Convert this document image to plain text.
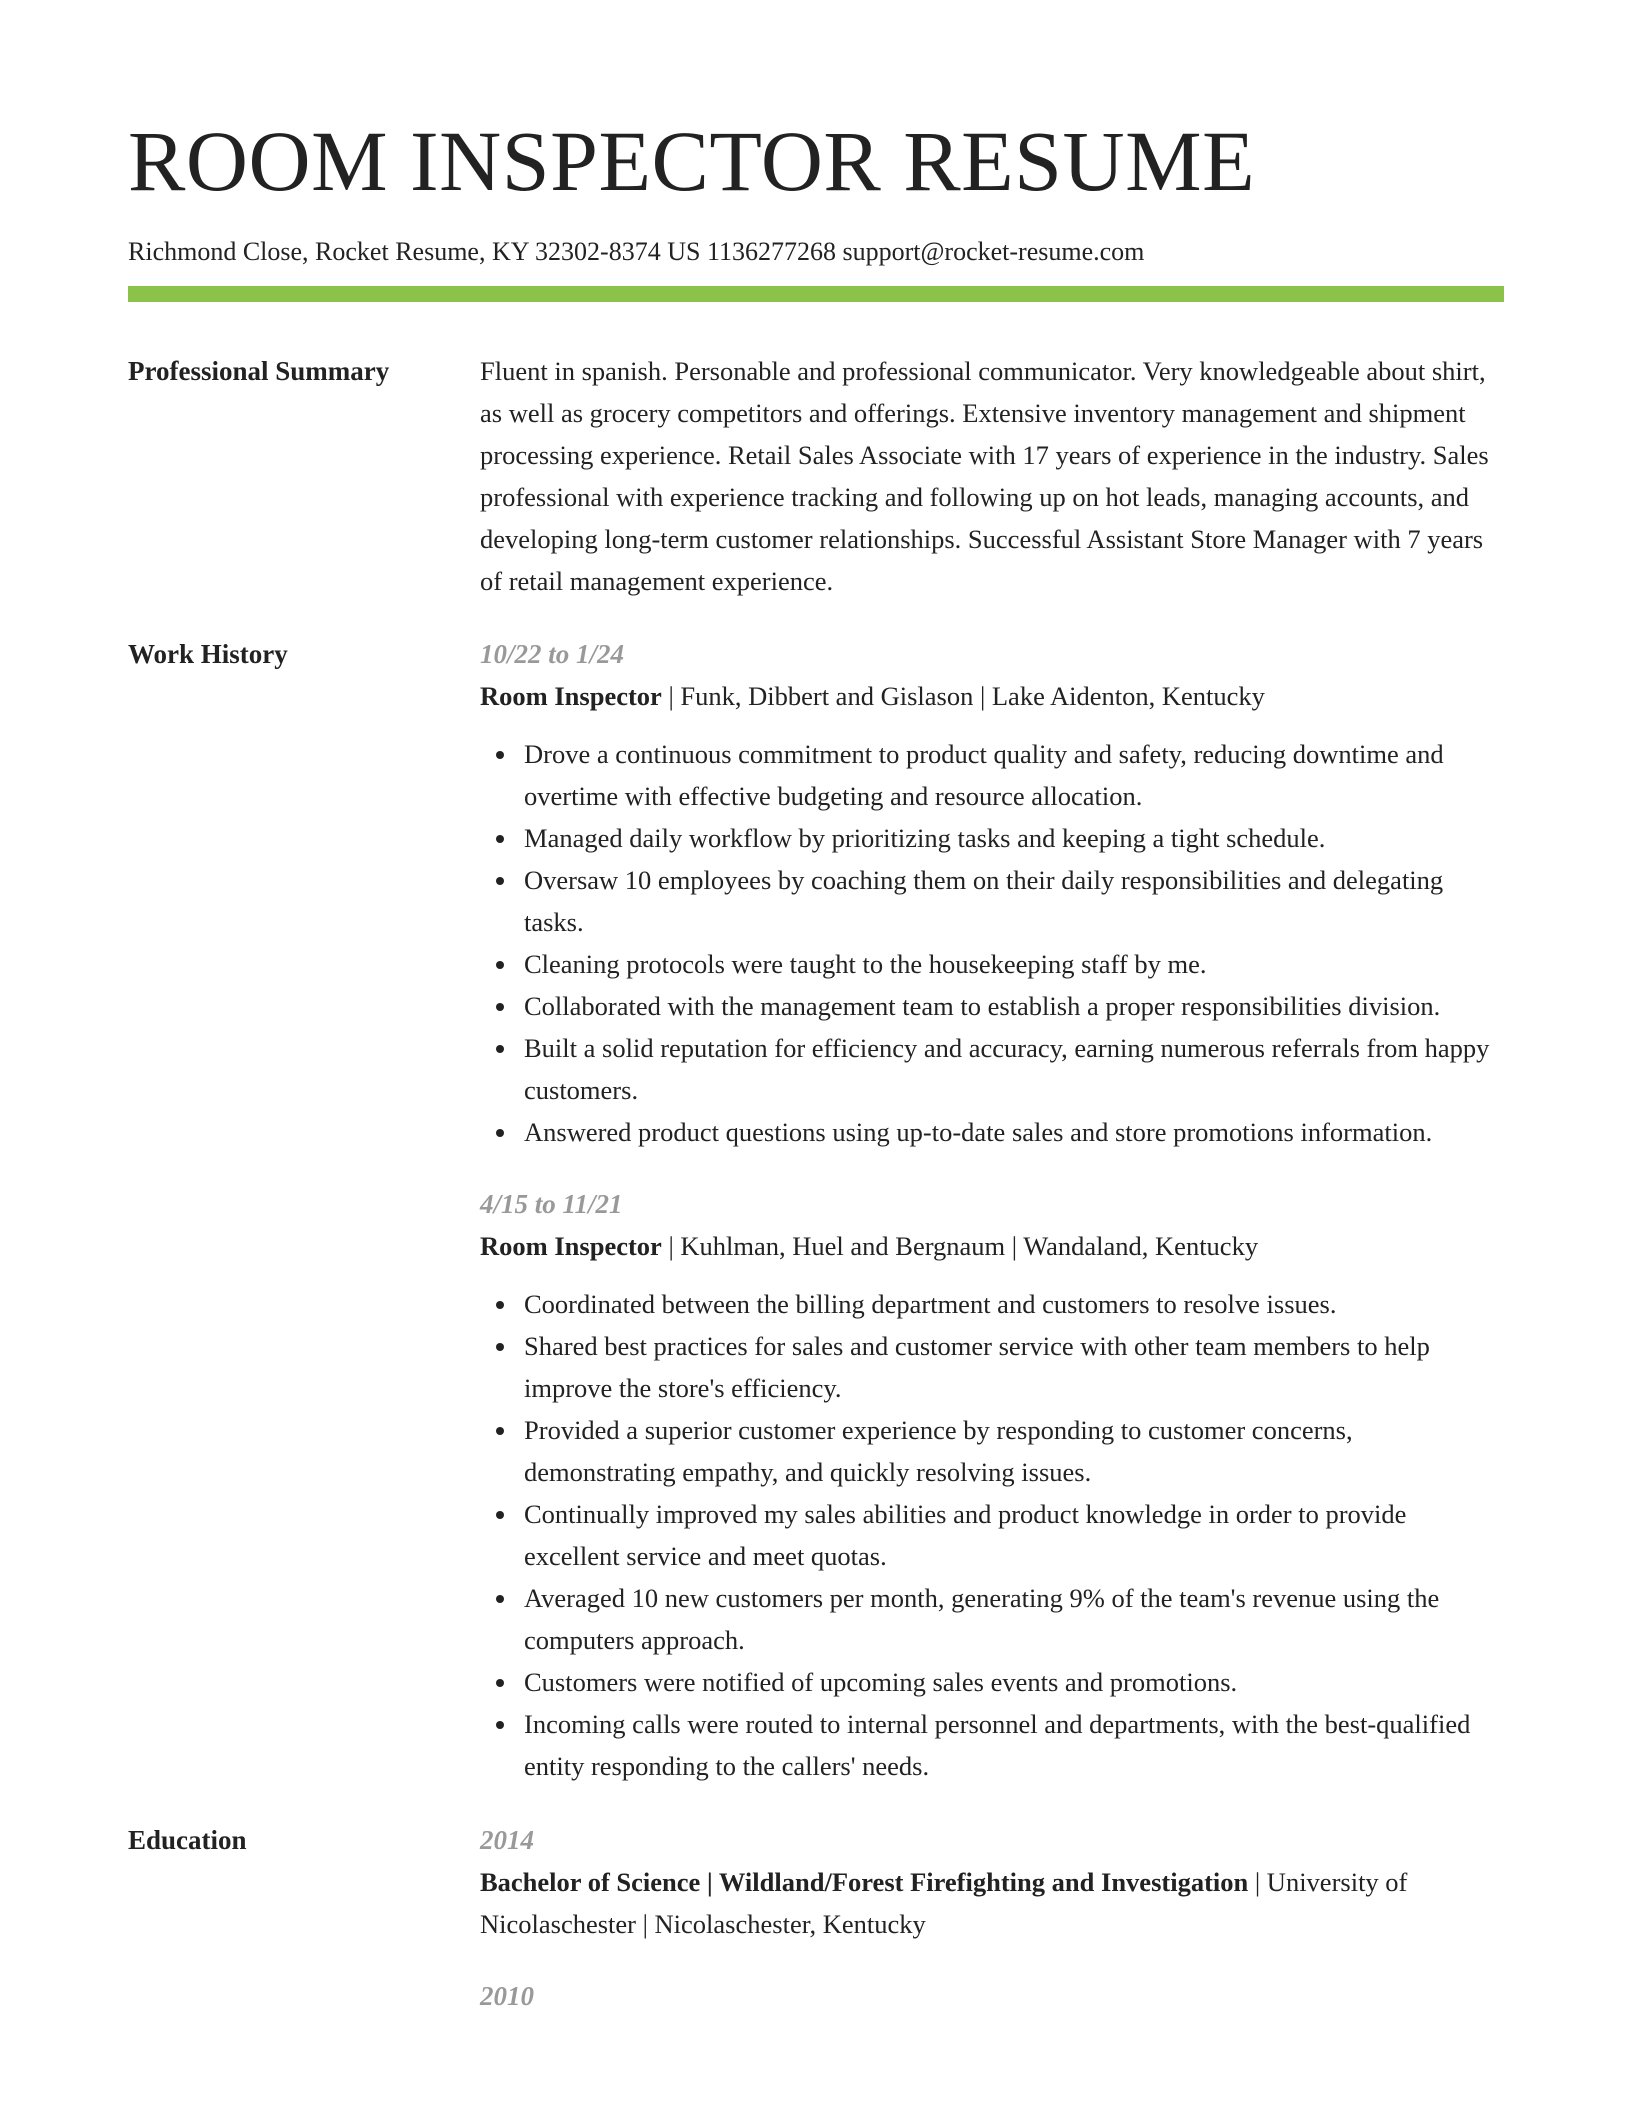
ROOM INSPECTOR RESUME
Richmond Close, Rocket Resume, KY 32302-8374 US 1136277268 support@rocket-resume.com
Professional Summary	Fluent in spanish. Personable and professional communicator. Very knowledgeable about shirt, as well as grocery competitors and offerings. Extensive inventory management and shipment processing experience. Retail Sales Associate with 17 years of experience in the industry. Sales professional with experience tracking and following up on hot leads, managing accounts, and developing long-term customer relationships. Successful Assistant Store Manager with 7 years of retail management experience.
Work History	10/22 to 1/24
Room Inspector | Funk, Dibbert and Gislason | Lake Aidenton, Kentucky
Drove a continuous commitment to product quality and safety, reducing downtime and overtime with effective budgeting and resource allocation.
Managed daily workflow by prioritizing tasks and keeping a tight schedule.
Oversaw 10 employees by coaching them on their daily responsibilities and delegating tasks.
Cleaning protocols were taught to the housekeeping staff by me.
Collaborated with the management team to establish a proper responsibilities division.
Built a solid reputation for efficiency and accuracy, earning numerous referrals from happy customers.
Answered product questions using up-to-date sales and store promotions information.
4/15 to 11/21
Room Inspector | Kuhlman, Huel and Bergnaum | Wandaland, Kentucky
Coordinated between the billing department and customers to resolve issues.
Shared best practices for sales and customer service with other team members to help improve the store's efficiency.
Provided a superior customer experience by responding to customer concerns, demonstrating empathy, and quickly resolving issues.
Continually improved my sales abilities and product knowledge in order to provide excellent service and meet quotas.
Averaged 10 new customers per month, generating 9% of the team's revenue using the computers approach.
Customers were notified of upcoming sales events and promotions.
Incoming calls were routed to internal personnel and departments, with the best-qualified entity responding to the callers' needs.
Education	2014
Bachelor of Science | Wildland/Forest Firefighting and Investigation | University of Nicolaschester | Nicolaschester, Kentucky
2010
